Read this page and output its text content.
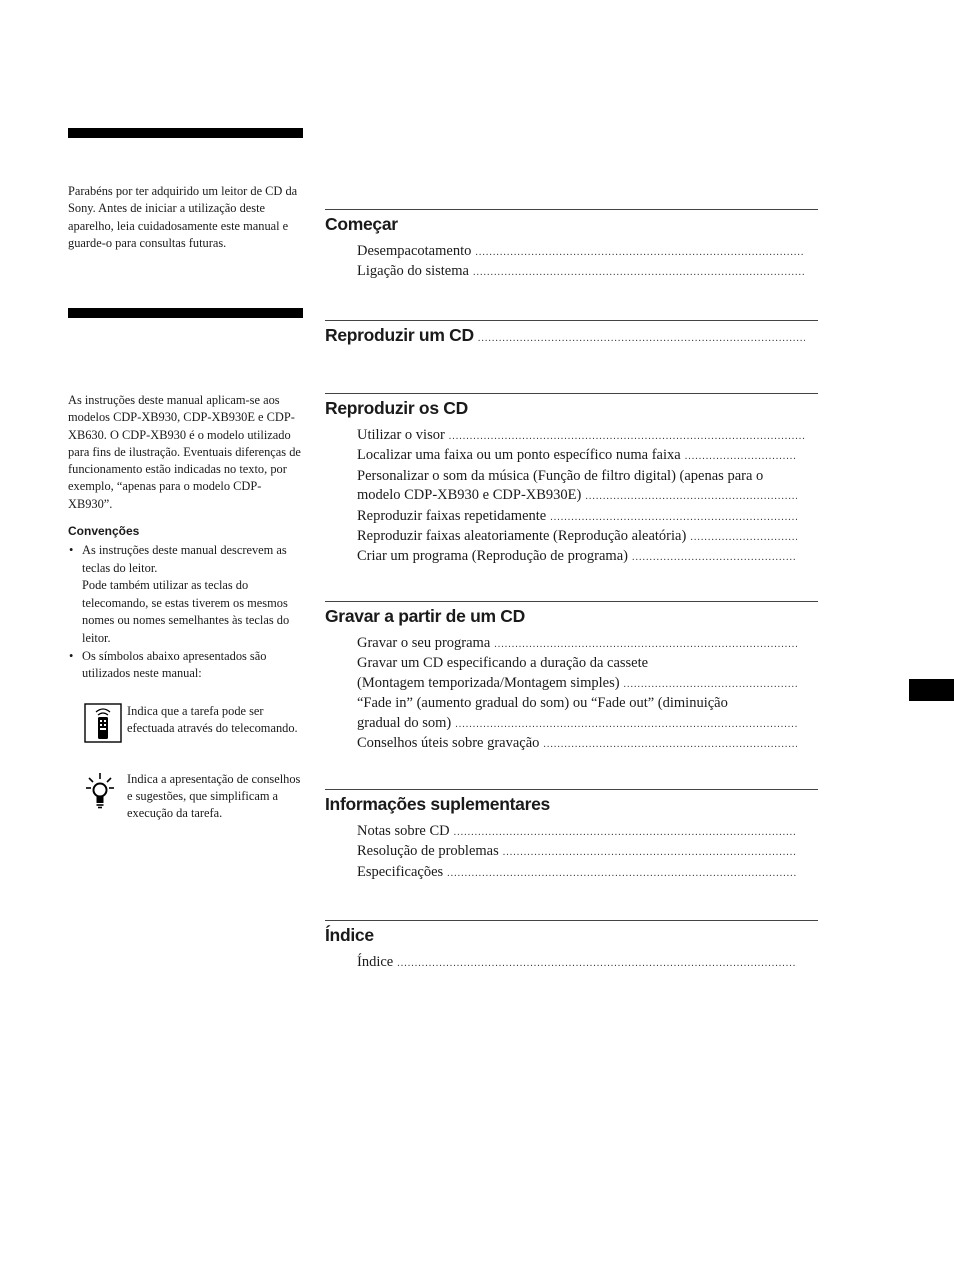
Parabéns por ter adquirido um leitor de CD da Sony. Antes de iniciar a utilização deste aparelho, leia cuidadosamente este manual e guarde-o para consultas futuras.
As instruções deste manual aplicam-se aos modelos CDP-XB930, CDP-XB930E e CDP-XB630. O CDP-XB930 é o modelo utilizado para fins de ilustração. Eventuais diferenças de funcionamento estão indicadas no texto, por exemplo, “apenas para o modelo CDP-XB930”.
Convenções
• As instruções deste manual descrevem as teclas do leitor.
Pode também utilizar as teclas do telecomando, se estas tiverem os mesmos nomes ou nomes semelhantes às teclas do leitor.
• Os símbolos abaixo apresentados são utilizados neste manual:
Indica que a tarefa pode ser efectuada através do telecomando.
Indica a apresentação de conselhos e sugestões, que simplificam a execução da tarefa.
Começar
Desempacotamento
.....
Ligação do sistema
.....
Reproduzir um CD
.....
Reproduzir os CD
Utilizar o visor
.....
Localizar uma faixa ou um ponto específico numa faixa
.....
Personalizar o som da música (Função de filtro digital) (apenas para o
modelo CDP-XB930 e CDP-XB930E)
.....
Reproduzir faixas repetidamente
.....
Reproduzir faixas aleatoriamente (Reprodução aleatória)
.....
Criar um programa (Reprodução de programa)
.....
Gravar a partir de um CD
Gravar o seu programa
.....
Gravar um CD especificando a duração da cassete
(Montagem temporizada/Montagem simples)
.....
“Fade in” (aumento gradual do som) ou “Fade out” (diminuição
gradual do som)
.....
Conselhos úteis sobre gravação
.....
Informações suplementares
Notas sobre CD
.....
Resolução de problemas
.....
Especificações
.....
Índice
Índice
.....
